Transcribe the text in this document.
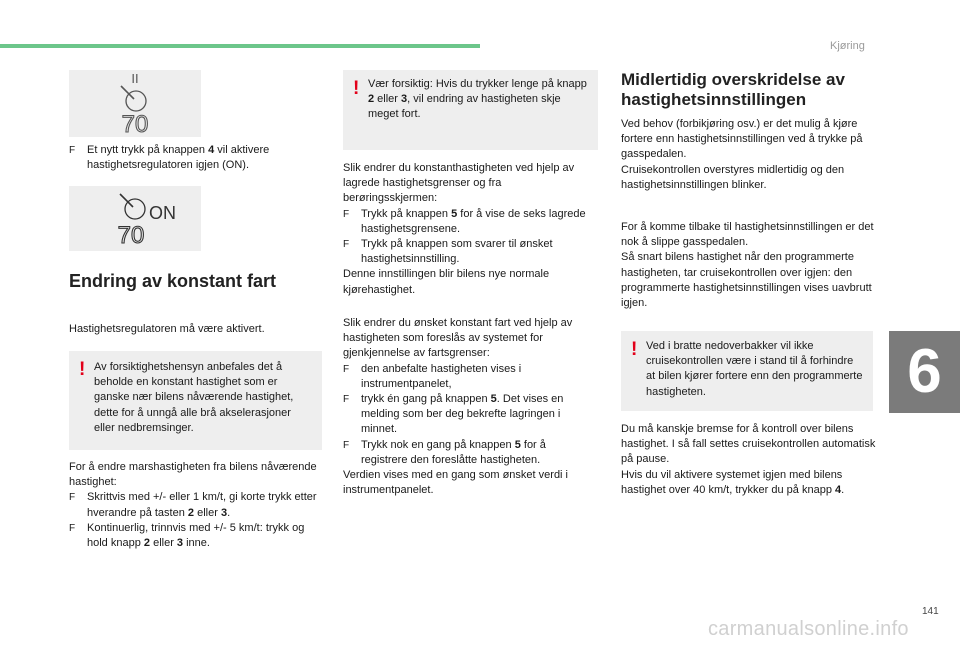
Kjøring
6
141
carmanualsonline.info
II
70

F Et nytt trykk på knappen 4 vil aktivere hastighetsregulatoren igjen (ON).

ON
70
Endring av konstant fart
Hastighetsregulatoren må være aktivert.
! Av forsiktighetshensyn anbefales det å beholde en konstant hastighet som er ganske nær bilens nåværende hastighet, dette for å unngå alle brå akselerasjoner eller nedbremsinger.

For å endre marshastigheten fra bilens nåværende hastighet:

F Skrittvis med +/- eller 1 km/t, gi korte trykk etter hverandre på tasten 2 eller 3.

F Kontinuerlig, trinnvis med +/- 5 km/t: trykk og hold knapp 2 eller 3 inne.

! Vær forsiktig: Hvis du trykker lenge på knapp 2 eller 3, vil endring av hastigheten skje meget fort.

Slik endrer du konstanthastigheten ved hjelp av lagrede hastighetsgrenser og fra berøringsskjermen:

F Trykk på knappen 5 for å vise de seks lagrede hastighetsgrensene.

F Trykk på knappen som svarer til ønsket hastighetsinnstilling.

Denne innstillingen blir bilens nye normale kjørehastighet.

Slik endrer du ønsket konstant fart ved hjelp av hastigheten som foreslås av systemet for gjenkjennelse av fartsgrenser:

F den anbefalte hastigheten vises i instrumentpanelet,

F trykk én gang på knappen 5. Det vises en melding som ber deg bekrefte lagringen i minnet.

F Trykk nok en gang på knappen 5 for å registrere den foreslåtte hastigheten.

Verdien vises med en gang som ønsket verdi i instrumentpanelet.

Midlertidig overskridelse av hastighetsinnstillingen

Ved behov (forbikjøring osv.) er det mulig å kjøre fortere enn hastighetsinnstillingen ved å trykke på gasspedalen.

Cruisekontrollen overstyres midlertidig og den hastighetsinnstillingen blinker.

For å komme tilbake til hastighetsinnstillingen er det nok å slippe gasspedalen.

Så snart bilens hastighet når den programmerte hastigheten, tar cruisekontrollen over igjen: den programmerte hastighetsinnstillingen vises uavbrutt igjen.

! Ved i bratte nedoverbakker vil ikke cruisekontrollen være i stand til å forhindre at bilen kjører fortere enn den programmerte hastigheten.

Du må kanskje bremse for å kontroll over bilens hastighet. I så fall settes cruisekontrollen automatisk på pause.

Hvis du vil aktivere systemet igjen med bilens hastighet over 40 km/t, trykker du på knapp 4.
